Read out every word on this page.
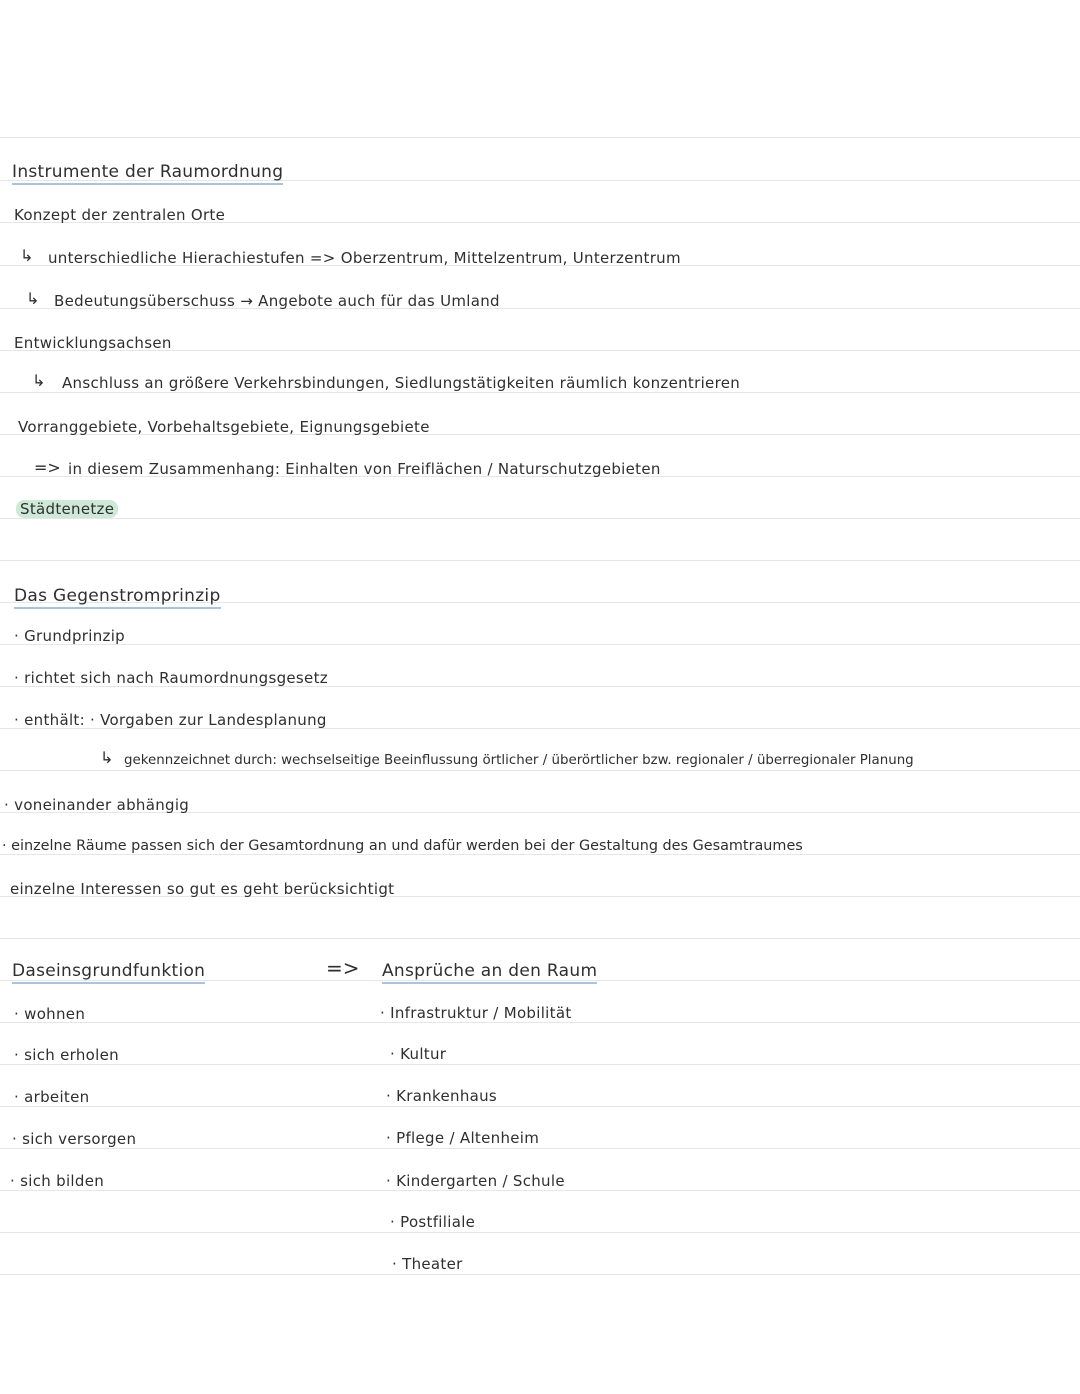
Instrumente der Raumordnung
Konzept der zentralen Orte
↳ unterschiedliche Hierachiestufen => Oberzentrum, Mittelzentrum, Unterzentrum
↳ Bedeutungsüberschuss → Angebote auch für das Umland
Entwicklungsachsen
↳ Anschluss an größere Verkehrsbindungen, Siedlungstätigkeiten räumlich konzentrieren
Vorranggebiete, Vorbehaltsgebiete, Eignungsgebiete
=> in diesem Zusammenhang: Einhalten von Freiflächen / Naturschutzgebieten
Städtenetze
Das Gegenstromprinzip
· Grundprinzip
· richtet sich nach Raumordnungsgesetz
· enthält: · Vorgaben zur Landesplanung
↳ gekennzeichnet durch: wechselseitige Beeinflussung örtlicher / überörtlicher bzw. regionaler / überregionaler Planung
· voneinander abhängig
· einzelne Räume passen sich der Gesamtordnung an und dafür werden bei der Gestaltung des Gesamtraumes
einzelne Interessen so gut es geht berücksichtigt
Daseinsgrundfunktion	=> Ansprüche an den Raum
· wohnen
· sich erholen
· arbeiten
· sich versorgen
· sich bilden
· Infrastruktur / Mobilität
· Kultur
· Krankenhaus
· Pflege / Altenheim
· Kindergarten / Schule
· Postfiliale
· Theater
